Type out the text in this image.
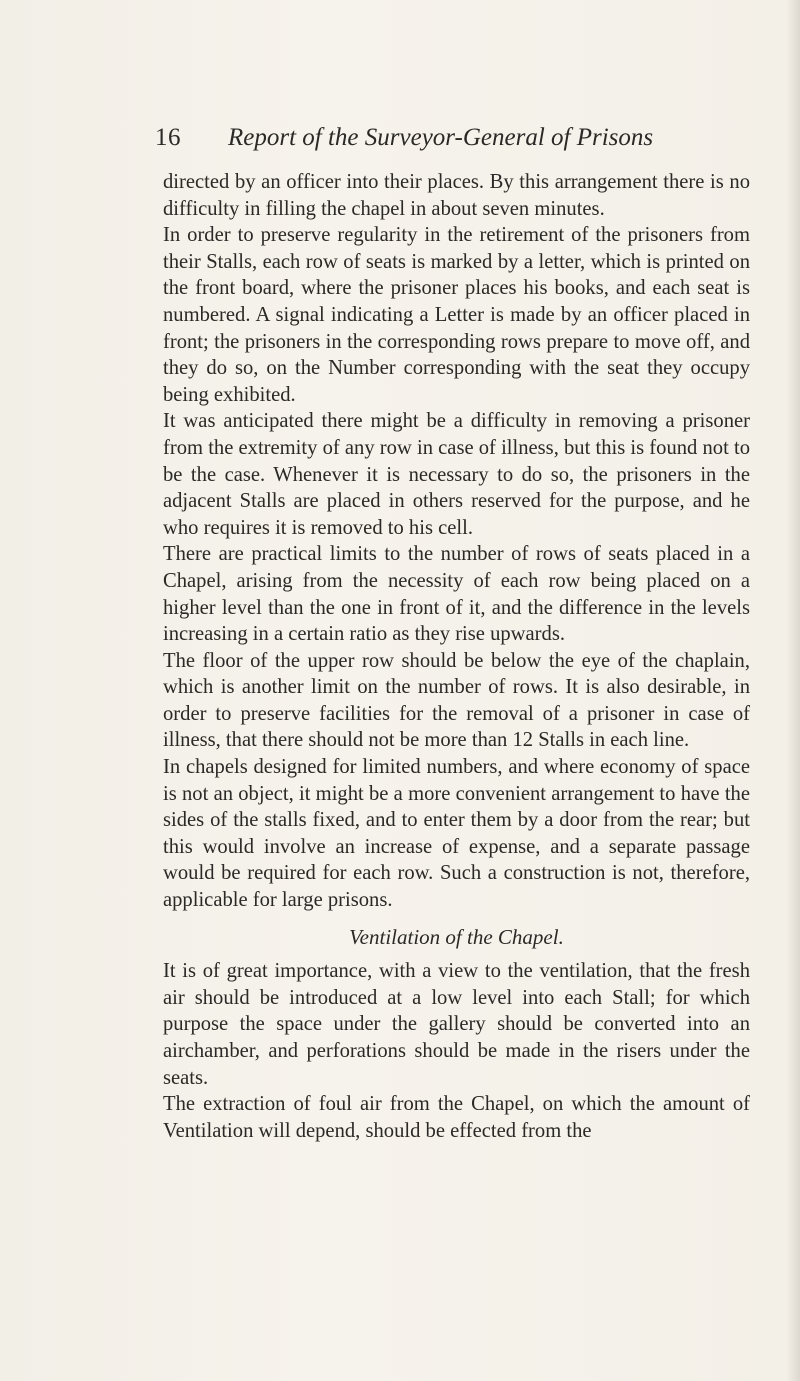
16 Report of the Surveyor-General of Prisons

directed by an officer into their places. By this arrangement there is no difficulty in filling the chapel in about seven minutes.

In order to preserve regularity in the retirement of the prisoners from their Stalls, each row of seats is marked by a letter, which is printed on the front board, where the prisoner places his books, and each seat is numbered. A signal indicating a Letter is made by an officer placed in front; the prisoners in the corresponding rows prepare to move off, and they do so, on the Number corresponding with the seat they occupy being exhibited.

It was anticipated there might be a difficulty in removing a prisoner from the extremity of any row in case of illness, but this is found not to be the case. Whenever it is necessary to do so, the prisoners in the adjacent Stalls are placed in others reserved for the purpose, and he who requires it is removed to his cell.

There are practical limits to the number of rows of seats placed in a Chapel, arising from the necessity of each row being placed on a higher level than the one in front of it, and the difference in the levels increasing in a certain ratio as they rise upwards.

The floor of the upper row should be below the eye of the chaplain, which is another limit on the number of rows. It is also desirable, in order to preserve facilities for the removal of a prisoner in case of illness, that there should not be more than 12 Stalls in each line.

In chapels designed for limited numbers, and where economy of space is not an object, it might be a more convenient arrangement to have the sides of the stalls fixed, and to enter them by a door from the rear; but this would involve an increase of expense, and a separate passage would be required for each row. Such a construction is not, therefore, applicable for large prisons.

Ventilation of the Chapel.

It is of great importance, with a view to the ventilation, that the fresh air should be introduced at a low level into each Stall; for which purpose the space under the gallery should be converted into an airchamber, and perforations should be made in the risers under the seats.

The extraction of foul air from the Chapel, on which the amount of Ventilation will depend, should be effected from the
